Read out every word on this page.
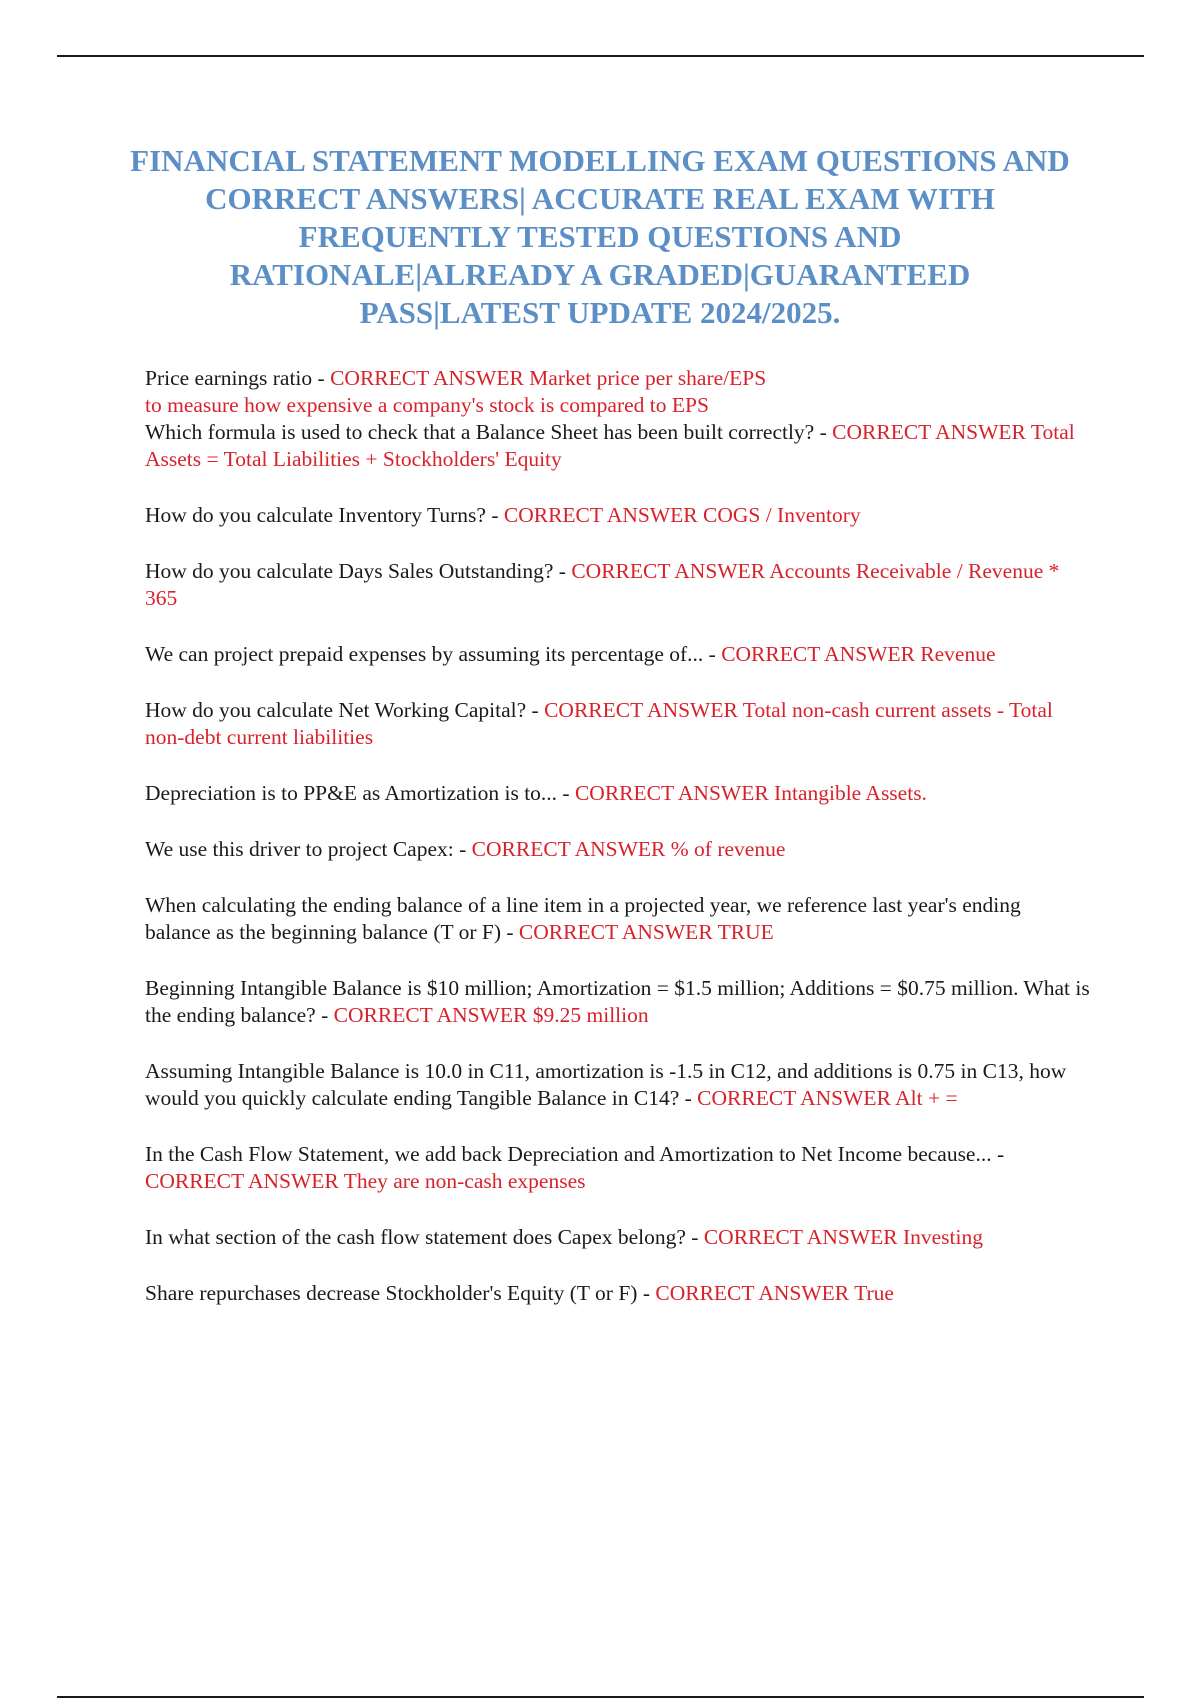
FINANCIAL STATEMENT MODELLING EXAM QUESTIONS AND CORRECT ANSWERS| ACCURATE REAL EXAM WITH FREQUENTLY TESTED QUESTIONS AND RATIONALE|ALREADY A GRADED|GUARANTEED PASS|LATEST UPDATE 2024/2025.
Price earnings ratio - CORRECT ANSWER Market price per share/EPS
to measure how expensive a company's stock is compared to EPS
Which formula is used to check that a Balance Sheet has been built correctly? - CORRECT ANSWER Total Assets = Total Liabilities + Stockholders' Equity
How do you calculate Inventory Turns? - CORRECT ANSWER COGS / Inventory
How do you calculate Days Sales Outstanding? - CORRECT ANSWER Accounts Receivable / Revenue * 365
We can project prepaid expenses by assuming its percentage of... - CORRECT ANSWER Revenue
How do you calculate Net Working Capital? - CORRECT ANSWER Total non-cash current assets - Total non-debt current liabilities
Depreciation is to PP&E as Amortization is to... - CORRECT ANSWER Intangible Assets.
We use this driver to project Capex: - CORRECT ANSWER % of revenue
When calculating the ending balance of a line item in a projected year, we reference last year's ending balance as the beginning balance (T or F) - CORRECT ANSWER TRUE
Beginning Intangible Balance is $10 million; Amortization = $1.5 million; Additions = $0.75 million. What is the ending balance? - CORRECT ANSWER $9.25 million
Assuming Intangible Balance is 10.0 in C11, amortization is -1.5 in C12, and additions is 0.75 in C13, how would you quickly calculate ending Tangible Balance in C14? - CORRECT ANSWER Alt + =
In the Cash Flow Statement, we add back Depreciation and Amortization to Net Income because... - CORRECT ANSWER They are non-cash expenses
In what section of the cash flow statement does Capex belong? - CORRECT ANSWER Investing
Share repurchases decrease Stockholder's Equity (T or F) - CORRECT ANSWER True
